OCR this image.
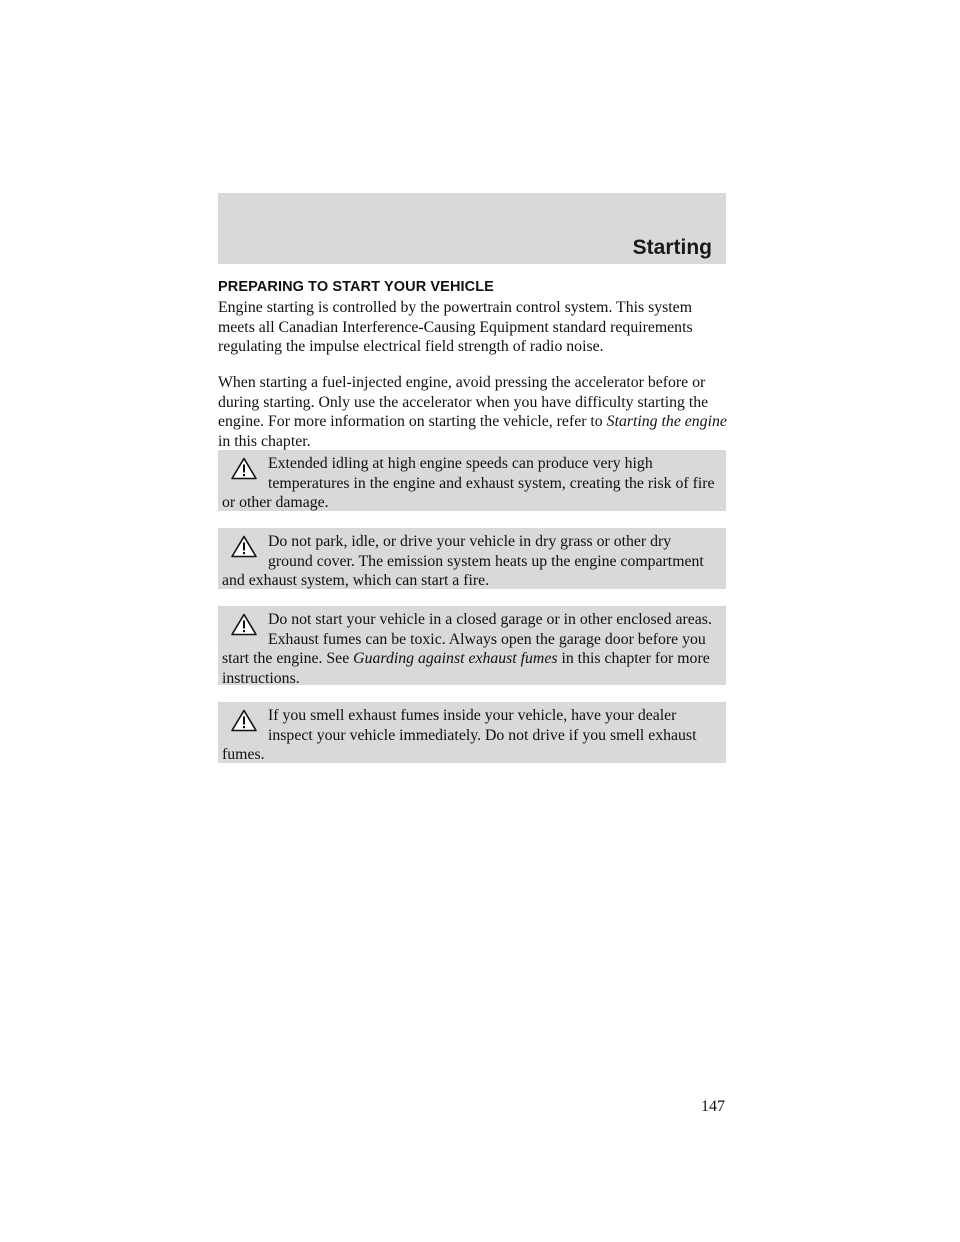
Starting
PREPARING TO START YOUR VEHICLE

Engine starting is controlled by the powertrain control system. This system meets all Canadian Interference-Causing Equipment standard requirements regulating the impulse electrical field strength of radio noise.

When starting a fuel-injected engine, avoid pressing the accelerator before or during starting. Only use the accelerator when you have difficulty starting the engine. For more information on starting the vehicle, refer to Starting the engine in this chapter.

Extended idling at high engine speeds can produce very high temperatures in the engine and exhaust system, creating the risk of fire or other damage.
Do not park, idle, or drive your vehicle in dry grass or other dry ground cover. The emission system heats up the engine compartment and exhaust system, which can start a fire.
Do not start your vehicle in a closed garage or in other enclosed areas. Exhaust fumes can be toxic. Always open the garage door before you start the engine. See Guarding against exhaust fumes in this chapter for more instructions.
If you smell exhaust fumes inside your vehicle, have your dealer inspect your vehicle immediately. Do not drive if you smell exhaust fumes.
147
